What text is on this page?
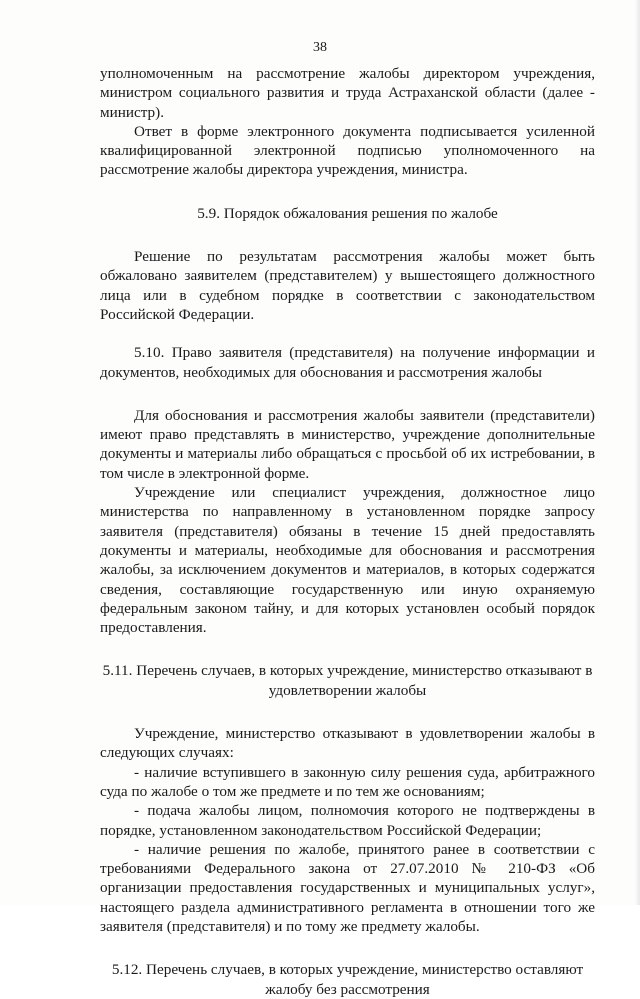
38

уполномоченным на рассмотрение жалобы директором учреждения, министром социального развития и труда Астраханской области (далее - министр).

Ответ в форме электронного документа подписывается усиленной квалифицированной электронной подписью уполномоченного на рассмотрение жалобы директора учреждения, министра.

5.9. Порядок обжалования решения по жалобе

Решение по результатам рассмотрения жалобы может быть обжаловано заявителем (представителем) у вышестоящего должностного лица или в судебном порядке в соответствии с законодательством Российской Федерации.

5.10. Право заявителя (представителя) на получение информации и документов, необходимых для обоснования и рассмотрения жалобы

Для обоснования и рассмотрения жалобы заявители (представители) имеют право представлять в министерство, учреждение дополнительные документы и материалы либо обращаться с просьбой об их истребовании, в том числе в электронной форме.

Учреждение или специалист учреждения, должностное лицо министерства по направленному в установленном порядке запросу заявителя (представителя) обязаны в течение 15 дней предоставлять документы и материалы, необходимые для обоснования и рассмотрения жалобы, за исключением документов и материалов, в которых содержатся сведения, составляющие государственную или иную охраняемую федеральным законом тайну, и для которых установлен особый порядок предоставления.

5.11. Перечень случаев, в которых учреждение, министерство отказывают в удовлетворении жалобы

Учреждение, министерство отказывают в удовлетворении жалобы в следующих случаях:

- наличие вступившего в законную силу решения суда, арбитражного суда по жалобе о том же предмете и по тем же основаниям;

- подача жалобы лицом, полномочия которого не подтверждены в порядке, установленном законодательством Российской Федерации;

- наличие решения по жалобе, принятого ранее в соответствии с требованиями Федерального закона от 27.07.2010 № 210-ФЗ «Об организации предоставления государственных и муниципальных услуг», настоящего раздела административного регламента в отношении того же заявителя (представителя) и по тому же предмету жалобы.

5.12. Перечень случаев, в которых учреждение, министерство оставляют жалобу без рассмотрения
